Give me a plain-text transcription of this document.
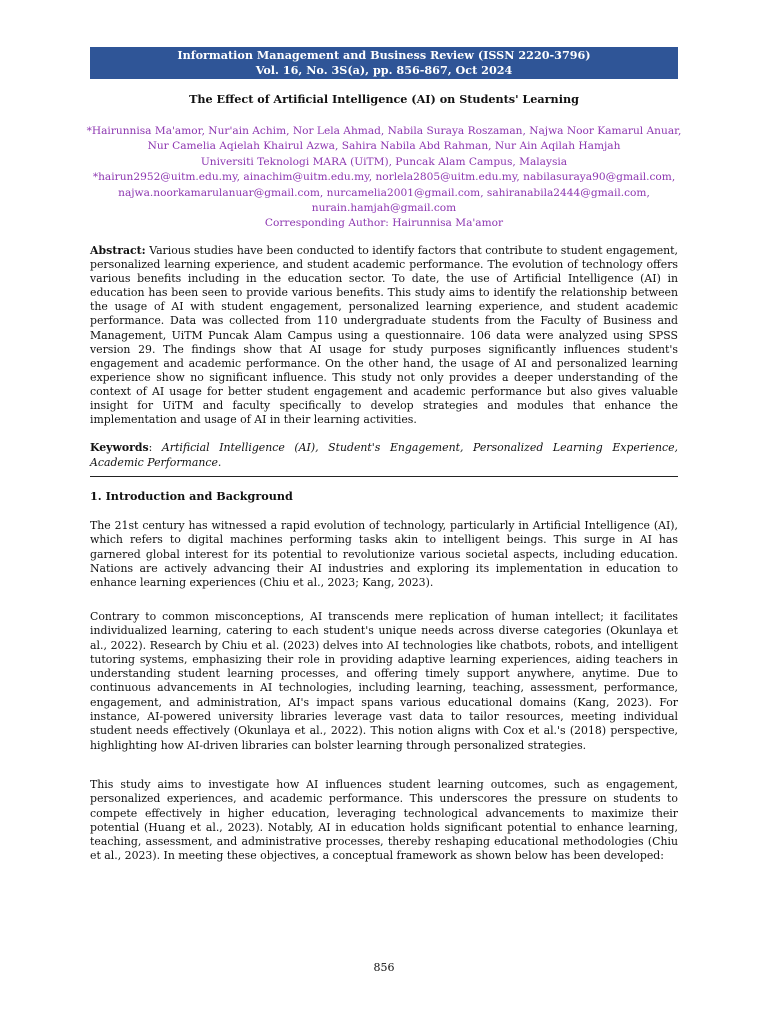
Information Management and Business Review (ISSN 2220-3796)
Vol. 16, No. 3S(a), pp. 856-867, Oct 2024
The Effect of Artificial Intelligence (AI) on Students' Learning
*Hairunnisa Ma'amor, Nur'ain Achim, Nor Lela Ahmad, Nabila Suraya Roszaman, Najwa Noor Kamarul Anuar,
Nur Camelia Aqielah Khairul Azwa, Sahira Nabila Abd Rahman, Nur Ain Aqilah Hamjah
Universiti Teknologi MARA (UiTM), Puncak Alam Campus, Malaysia
*hairun2952@uitm.edu.my, ainachim@uitm.edu.my, norlela2805@uitm.edu.my, nabilasuraya90@gmail.com,
najwa.noorkamarulanuar@gmail.com, nurcamelia2001@gmail.com, sahiranabila2444@gmail.com,
nurain.hamjah@gmail.com
Corresponding Author: Hairunnisa Ma'amor
Abstract: Various studies have been conducted to identify factors that contribute to student engagement, personalized learning experience, and student academic performance. The evolution of technology offers various benefits including in the education sector. To date, the use of Artificial Intelligence (AI) in education has been seen to provide various benefits. This study aims to identify the relationship between the usage of AI with student engagement, personalized learning experience, and student academic performance. Data was collected from 110 undergraduate students from the Faculty of Business and Management, UiTM Puncak Alam Campus using a questionnaire. 106 data were analyzed using SPSS version 29. The findings show that AI usage for study purposes significantly influences student's engagement and academic performance. On the other hand, the usage of AI and personalized learning experience show no significant influence. This study not only provides a deeper understanding of the context of AI usage for better student engagement and academic performance but also gives valuable insight for UiTM and faculty specifically to develop strategies and modules that enhance the implementation and usage of AI in their learning activities.
Keywords: Artificial Intelligence (AI), Student's Engagement, Personalized Learning Experience, Academic Performance.
1. Introduction and Background
The 21st century has witnessed a rapid evolution of technology, particularly in Artificial Intelligence (AI), which refers to digital machines performing tasks akin to intelligent beings. This surge in AI has garnered global interest for its potential to revolutionize various societal aspects, including education. Nations are actively advancing their AI industries and exploring its implementation in education to enhance learning experiences (Chiu et al., 2023; Kang, 2023).
Contrary to common misconceptions, AI transcends mere replication of human intellect; it facilitates individualized learning, catering to each student's unique needs across diverse categories (Okunlaya et al., 2022). Research by Chiu et al. (2023) delves into AI technologies like chatbots, robots, and intelligent tutoring systems, emphasizing their role in providing adaptive learning experiences, aiding teachers in understanding student learning processes, and offering timely support anywhere, anytime. Due to continuous advancements in AI technologies, including learning, teaching, assessment, performance, engagement, and administration, AI's impact spans various educational domains (Kang, 2023). For instance, AI-powered university libraries leverage vast data to tailor resources, meeting individual student needs effectively (Okunlaya et al., 2022). This notion aligns with Cox et al.'s (2018) perspective, highlighting how AI-driven libraries can bolster learning through personalized strategies.
This study aims to investigate how AI influences student learning outcomes, such as engagement, personalized experiences, and academic performance. This underscores the pressure on students to compete effectively in higher education, leveraging technological advancements to maximize their potential (Huang et al., 2023). Notably, AI in education holds significant potential to enhance learning, teaching, assessment, and administrative processes, thereby reshaping educational methodologies (Chiu et al., 2023). In meeting these objectives, a conceptual framework as shown below has been developed:
856
